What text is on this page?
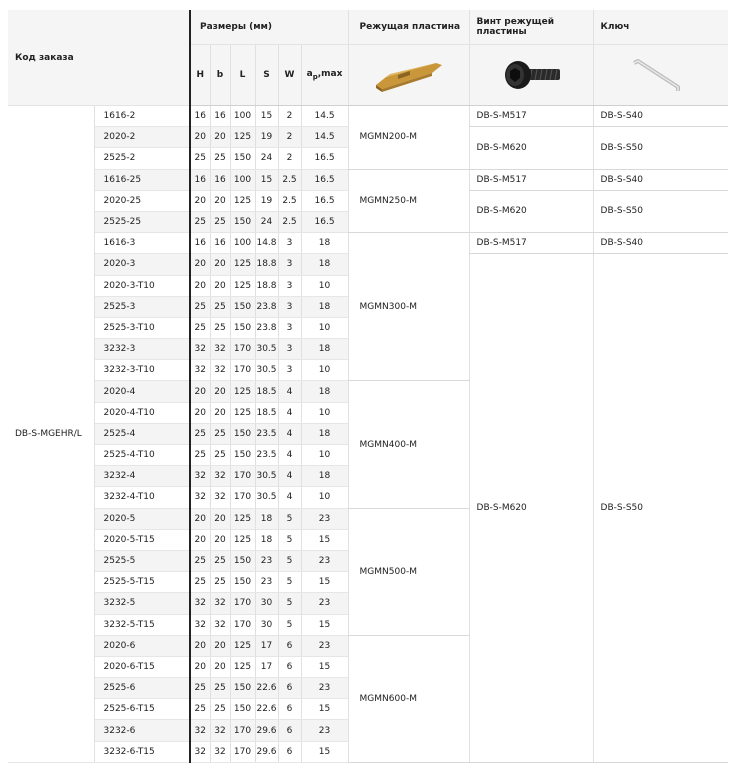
Код заказа		Размеры (мм)						Режущая пластина	Винт режущей пластины	Ключ
		H	b	L	S	W	$a_p,\max$	

DB-S-MGEHR/L	1616-2	16	16	100	15	2	14.5	MGMN200-M	DB-S-M517	DB-S-S40
	2020-2	20	20	125	19	2	14.5		DB-S-M620	DB-S-S50
	2525-2	25	25	150	24	2	16.5			
	1616-25	16	16	100	15	2.5	16.5	MGMN250-M	DB-S-M517	DB-S-S40
	2020-25	20	20	125	19	2.5	16.5		DB-S-M620	DB-S-S50
	2525-25	25	25	150	24	2.5	16.5			
	1616-3	16	16	100	14.8	3	18	MGMN300-M	DB-S-M517	DB-S-S40
	2020-3	20	20	125	18.8	3	18		DB-S-M620	DB-S-S50
	2020-3-T10	20	20	125	18.8	3	10			
	2525-3	25	25	150	23.8	3	18			
	2525-3-T10	25	25	150	23.8	3	10			
	3232-3	32	32	170	30.5	3	18			
	3232-3-T10	32	32	170	30.5	3	10			
	2020-4	20	20	125	18.5	4	18	MGMN400-M		
	2020-4-T10	20	20	125	18.5	4	10			
	2525-4	25	25	150	23.5	4	18			
	2525-4-T10	25	25	150	23.5	4	10			
	3232-4	32	32	170	30.5	4	18			
	3232-4-T10	32	32	170	30.5	4	10			
	2020-5	20	20	125	18	5	23	MGMN500-M		
	2020-5-T15	20	20	125	18	5	15			
	2525-5	25	25	150	23	5	23			
	2525-5-T15	25	25	150	23	5	15			
	3232-5	32	32	170	30	5	23			
	3232-5-T15	32	32	170	30	5	15			
	2020-6	20	20	125	17	6	23	MGMN600-M		
	2020-6-T15	20	20	125	17	6	15			
	2525-6	25	25	150	22.6	6	23			
	2525-6-T15	25	25	150	22.6	6	15			
	3232-6	32	32	170	29.6	6	23			
	3232-6-T15	32	32	170	29.6	6	15			
